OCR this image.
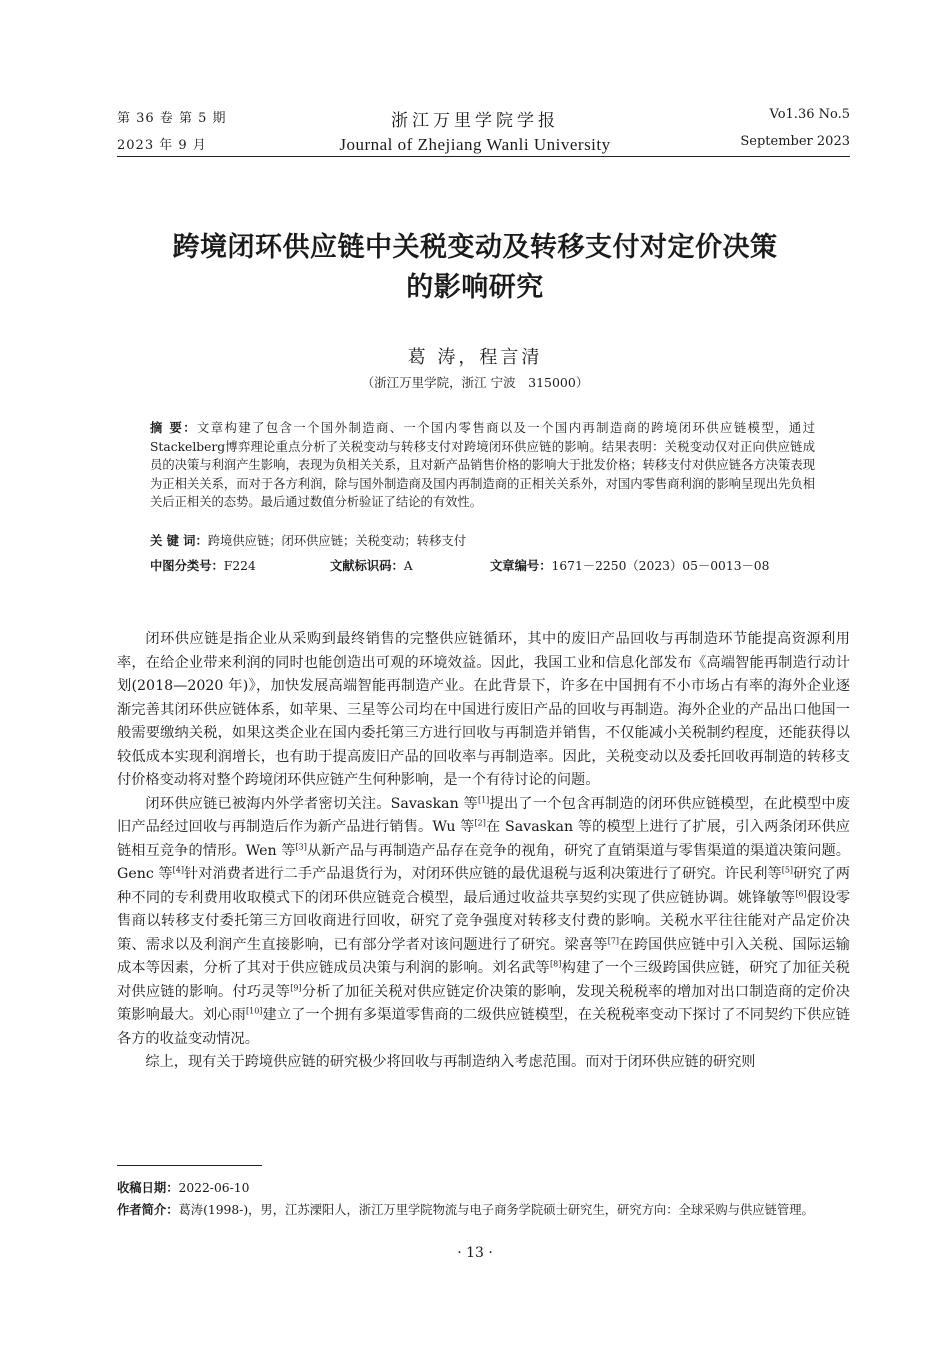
第 36 卷 第 5 期
2023 年 9 月
浙江万里学院学报
Journal of Zhejiang Wanli University
Vo1.36 No.5
September 2023
跨境闭环供应链中关税变动及转移支付对定价决策
的影响研究
葛 涛，程言清
（浙江万里学院，浙江 宁波　315000）
摘 要：文章构建了包含一个国外制造商、一个国内零售商以及一个国内再制造商的跨境闭环供应链模型，通过Stackelberg博弈理论重点分析了关税变动与转移支付对跨境闭环供应链的影响。结果表明：关税变动仅对正向供应链成员的决策与利润产生影响，表现为负相关关系，且对新产品销售价格的影响大于批发价格；转移支付对供应链各方决策表现为正相关关系，而对于各方利润，除与国外制造商及国内再制造商的正相关关系外，对国内零售商利润的影响呈现出先负相关后正相关的态势。最后通过数值分析验证了结论的有效性。
关 键 词：跨境供应链；闭环供应链；关税变动；转移支付
中图分类号：F224	文献标识码：A	文章编号：1671－2250（2023）05－0013－08

闭环供应链是指企业从采购到最终销售的完整供应链循环，其中的废旧产品回收与再制造环节能提高资源利用率，在给企业带来利润的同时也能创造出可观的环境效益。因此，我国工业和信息化部发布《高端智能再制造行动计划(2018—2020 年)》，加快发展高端智能再制造产业。在此背景下，许多在中国拥有不小市场占有率的海外企业逐渐完善其闭环供应链体系，如苹果、三星等公司均在中国进行废旧产品的回收与再制造。海外企业的产品出口他国一般需要缴纳关税，如果这类企业在国内委托第三方进行回收与再制造并销售，不仅能减小关税制约程度，还能获得以较低成本实现利润增长，也有助于提高废旧产品的回收率与再制造率。因此，关税变动以及委托回收再制造的转移支付价格变动将对整个跨境闭环供应链产生何种影响，是一个有待讨论的问题。

闭环供应链已被海内外学者密切关注。Savaskan 等[1]提出了一个包含再制造的闭环供应链模型，在此模型中废旧产品经过回收与再制造后作为新产品进行销售。Wu 等[2]在 Savaskan 等的模型上进行了扩展，引入两条闭环供应链相互竞争的情形。Wen 等[3]从新产品与再制造产品存在竞争的视角，研究了直销渠道与零售渠道的渠道决策问题。Genc 等[4]针对消费者进行二手产品退货行为，对闭环供应链的最优退税与返利决策进行了研究。许民利等[5]研究了两种不同的专利费用收取模式下的闭环供应链竞合模型，最后通过收益共享契约实现了供应链协调。姚锋敏等[6]假设零售商以转移支付委托第三方回收商进行回收，研究了竞争强度对转移支付费的影响。关税水平往往能对产品定价决策、需求以及利润产生直接影响，已有部分学者对该问题进行了研究。梁喜等[7]在跨国供应链中引入关税、国际运输成本等因素，分析了其对于供应链成员决策与利润的影响。刘名武等[8]构建了一个三级跨国供应链，研究了加征关税对供应链的影响。付巧灵等[9]分析了加征关税对供应链定价决策的影响，发现关税税率的增加对出口制造商的定价决策影响最大。刘心雨[10]建立了一个拥有多渠道零售商的二级供应链模型，在关税税率变动下探讨了不同契约下供应链各方的收益变动情况。

综上，现有关于跨境供应链的研究极少将回收与再制造纳入考虑范围。而对于闭环供应链的研究则

收稿日期：2022-06-10
作者简介：葛涛(1998-)，男，江苏溧阳人，浙江万里学院物流与电子商务学院硕士研究生，研究方向：全球采购与供应链管理。
· 13 ·
